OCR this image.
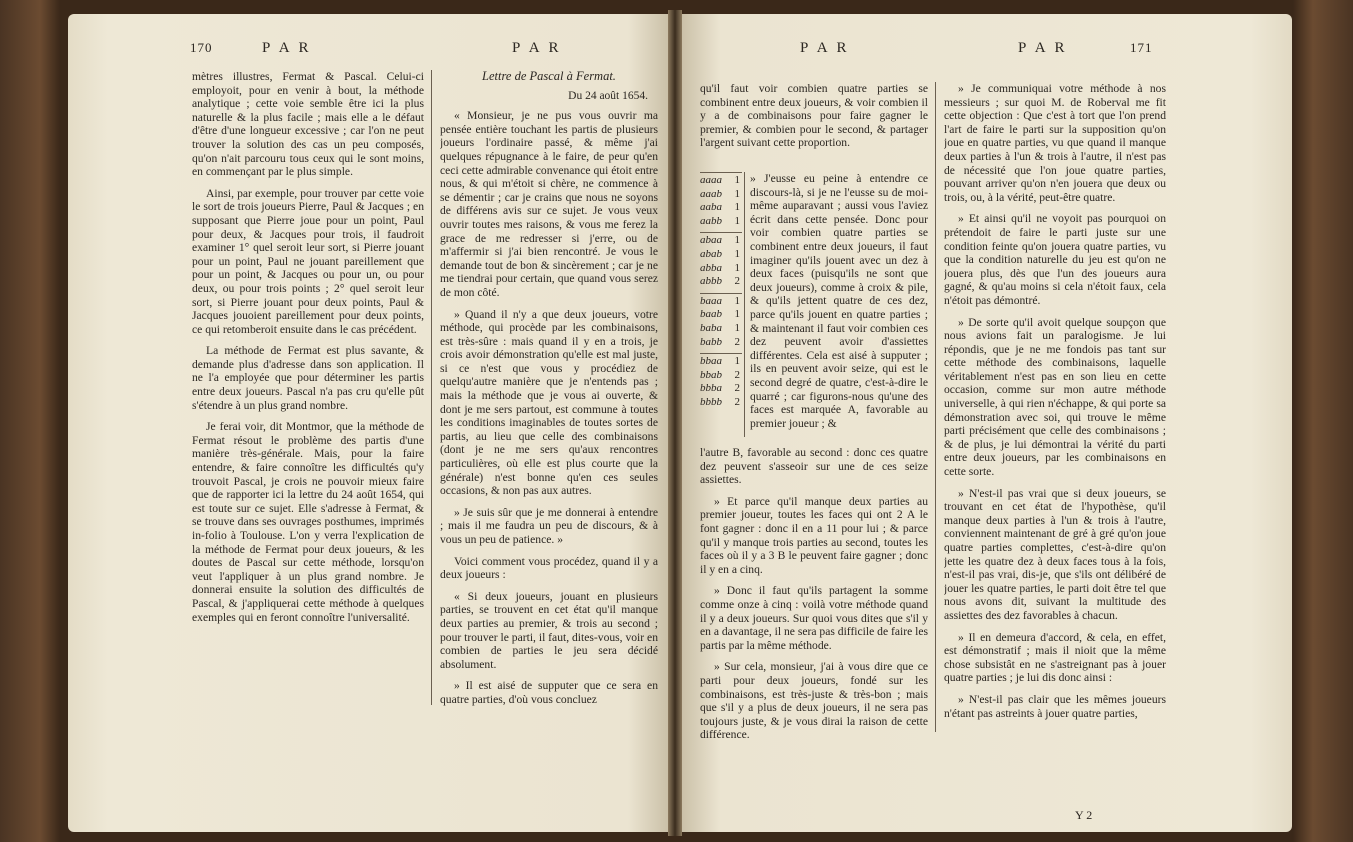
170	P A R	P A R	P A R	P A R	171

mètres illustres, Fermat & Pascal. Celui-ci employoit, pour en venir à bout, la méthode analytique ; cette voie semble être ici la plus naturelle & la plus facile ; mais elle a le défaut d'être d'une longueur excessive ; car l'on ne peut trouver la solution des cas un peu composés, qu'on n'ait parcouru tous ceux qui le sont moins, en commençant par le plus simple.

Ainsi, par exemple, pour trouver par cette voie le sort de trois joueurs Pierre, Paul & Jacques ; en supposant que Pierre joue pour un point, Paul pour deux, & Jacques pour trois, il faudroit examiner 1° quel seroit leur sort, si Pierre jouant pour un point, Paul ne jouant pareillement que pour un point, & Jacques ou pour un, ou pour deux, ou pour trois points ; 2° quel seroit leur sort, si Pierre jouant pour deux points, Paul & Jacques jouoient pareillement pour deux points, ce qui retomberoit ensuite dans le cas précédent.

La méthode de Fermat est plus savante, & demande plus d'adresse dans son application. Il ne l'a employée que pour déterminer les partis entre deux joueurs. Pascal n'a pas cru qu'elle pût s'étendre à un plus grand nombre.

Je ferai voir, dit Montmor, que la méthode de Fermat résout le problème des partis d'une manière très-générale. Mais, pour la faire entendre, & faire connoître les difficultés qu'y trouvoit Pascal, je crois ne pouvoir mieux faire que de rapporter ici la lettre du 24 août 1654, qui est toute sur ce sujet. Elle s'adresse à Fermat, & se trouve dans ses ouvrages posthumes, imprimés in-folio à Toulouse. L'on y verra l'explication de la méthode de Fermat pour deux joueurs, & les doutes de Pascal sur cette méthode, lorsqu'on veut l'appliquer à un plus grand nombre. Je donnerai ensuite la solution des difficultés de Pascal, & j'appliquerai cette méthode à quelques exemples qui en feront connoître l'universalité.

Lettre de Pascal à Fermat.
Du 24 août 1654.

« Monsieur, je ne pus vous ouvrir ma pensée entière touchant les partis de plusieurs joueurs l'ordinaire passé, & même j'ai quelques répugnance à le faire, de peur qu'en ceci cette admirable convenance qui étoit entre nous, & qui m'étoit si chère, ne commence à se démentir ; car je crains que nous ne soyons de différens avis sur ce sujet. Je vous veux ouvrir toutes mes raisons, & vous me ferez la grace de me redresser si j'erre, ou de m'affermir si j'ai bien rencontré. Je vous le demande tout de bon & sincèrement ; car je ne me tiendrai pour certain, que quand vous serez de mon côté.

» Quand il n'y a que deux joueurs, votre méthode, qui procède par les combinaisons, est très-sûre : mais quand il y en a trois, je crois avoir démonstration qu'elle est mal juste, si ce n'est que vous y procédiez de quelqu'autre manière que je n'entends pas ; mais la méthode que je vous ai ouverte, & dont je me sers partout, est commune à toutes les conditions imaginables de toutes sortes de partis, au lieu que celle des combinaisons (dont je ne me sers qu'aux rencontres particulières, où elle est plus courte que la générale) n'est bonne qu'en ces seules occasions, & non pas aux autres.

» Je suis sûr que je me donnerai à entendre ; mais il me faudra un peu de discours, & à vous un peu de patience. »

Voici comment vous procédez, quand il y a deux joueurs :

« Si deux joueurs, jouant en plusieurs parties, se trouvent en cet état qu'il manque deux parties au premier, & trois au second ; pour trouver le parti, il faut, dites-vous, voir en combien de parties le jeu sera décidé absolument.

» Il est aisé de supputer que ce sera en quatre parties, d'où vous concluez

qu'il faut voir combien quatre parties se combinent entre deux joueurs, & voir combien il y a de combinaisons pour faire gagner le premier, & combien pour le second, & partager l'argent suivant cette proportion.

aaaa 1
aaab 1
aaba 1
aabb 1
abaa 1
abab 1
abba 1
abbb 2
baaa 1
baab 1
baba 1
babb 2
bbaa 1
bbab 2
bbba 2
bbbb 2

» J'eusse eu peine à entendre ce discours-là, si je ne l'eusse su de moi-même auparavant ; aussi vous l'aviez écrit dans cette pensée. Donc pour voir combien quatre parties se combinent entre deux joueurs, il faut imaginer qu'ils jouent avec un dez à deux faces (puisqu'ils ne sont que deux joueurs), comme à croix & pile, & qu'ils jettent quatre de ces dez, parce qu'ils jouent en quatre parties ; & maintenant il faut voir combien ces dez peuvent avoir d'assiettes différentes. Cela est aisé à supputer ; ils en peuvent avoir seize, qui est le second degré de quatre, c'est-à-dire le quarré ; car figurons-nous qu'une des faces est marquée A, favorable au premier joueur ; &

l'autre B, favorable au second : donc ces quatre dez peuvent s'asseoir sur une de ces seize assiettes.

» Et parce qu'il manque deux parties au premier joueur, toutes les faces qui ont 2 A le font gagner : donc il en a 11 pour lui ; & parce qu'il y manque trois parties au second, toutes les faces où il y a 3 B le peuvent faire gagner ; donc il y en a cinq.

» Donc il faut qu'ils partagent la somme comme onze à cinq : voilà votre méthode quand il y a deux joueurs. Sur quoi vous dites que s'il y en a davantage, il ne sera pas difficile de faire les partis par la même méthode.

» Sur cela, monsieur, j'ai à vous dire que ce parti pour deux joueurs, fondé sur les combinaisons, est très-juste & très-bon ; mais que s'il y a plus de deux joueurs, il ne sera pas toujours juste, & je vous dirai la raison de cette différence.

» Je communiquai votre méthode à nos messieurs ; sur quoi M. de Roberval me fit cette objection : Que c'est à tort que l'on prend l'art de faire le parti sur la supposition qu'on joue en quatre parties, vu que quand il manque deux parties à l'un & trois à l'autre, il n'est pas de nécessité que l'on joue quatre parties, pouvant arriver qu'on n'en jouera que deux ou trois, ou, à la vérité, peut-être quatre.

» Et ainsi qu'il ne voyoit pas pourquoi on prétendoit de faire le parti juste sur une condition feinte qu'on jouera quatre parties, vu que la condition naturelle du jeu est qu'on ne jouera plus, dès que l'un des joueurs aura gagné, & qu'au moins si cela n'étoit faux, cela n'étoit pas démontré.

» De sorte qu'il avoit quelque soupçon que nous avions fait un paralogisme. Je lui répondis, que je ne me fondois pas tant sur cette méthode des combinaisons, laquelle véritablement n'est pas en son lieu en cette occasion, comme sur mon autre méthode universelle, à qui rien n'échappe, & qui porte sa démonstration avec soi, qui trouve le même parti précisément que celle des combinaisons ; & de plus, je lui démontrai la vérité du parti entre deux joueurs, par les combinaisons en cette sorte.

» N'est-il pas vrai que si deux joueurs, se trouvant en cet état de l'hypothèse, qu'il manque deux parties à l'un & trois à l'autre, conviennent maintenant de gré à gré qu'on joue quatre parties complettes, c'est-à-dire qu'on jette les quatre dez à deux faces tous à la fois, n'est-il pas vrai, dis-je, que s'ils ont délibéré de jouer les quatre parties, le parti doit être tel que nous avons dit, suivant la multitude des assiettes des dez favorables à chacun.

» Il en demeura d'accord, & cela, en effet, est démonstratif ; mais il nioit que la même chose subsistât en ne s'astreignant pas à jouer quatre parties ; je lui dis donc ainsi :

» N'est-il pas clair que les mêmes joueurs n'étant pas astreints à jouer quatre parties,

Y 2
